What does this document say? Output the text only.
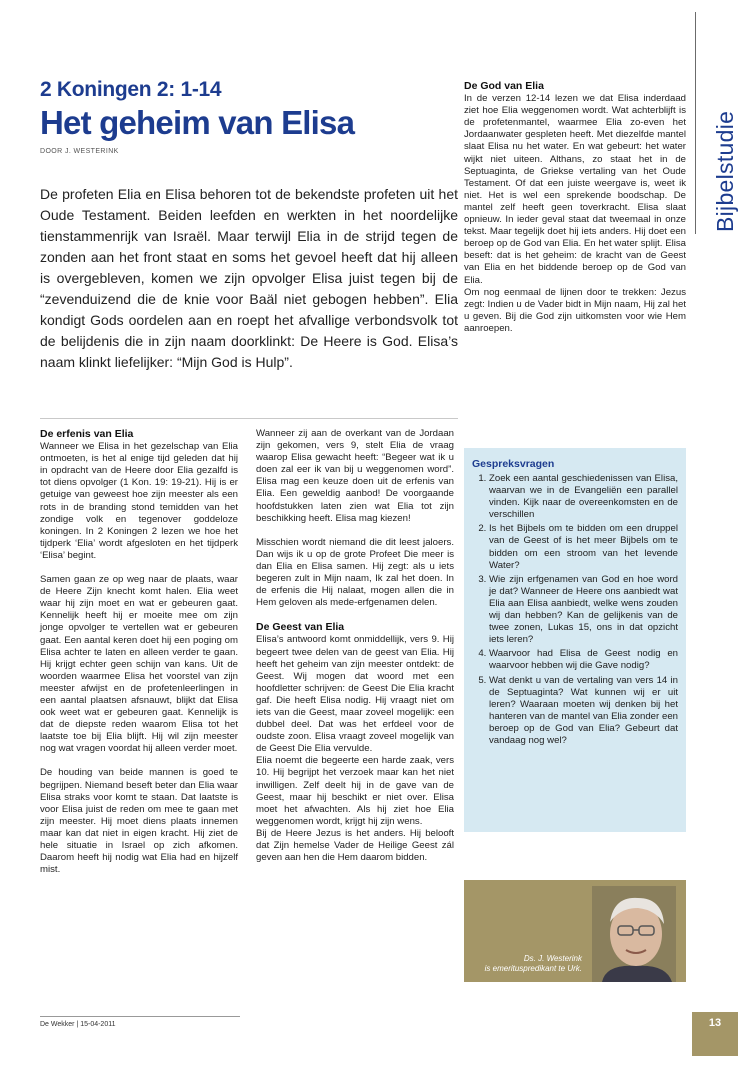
2 Koningen 2: 1-14
Het geheim van Elisa
DOOR J. WESTERINK
De profeten Elia en Elisa behoren tot de bekendste profeten uit het Oude Testament. Beiden leefden en werkten in het noordelijke tienstammenrijk van Israël. Maar terwijl Elia in de strijd tegen de zonden aan het front staat en soms het gevoel heeft dat hij alleen is overgebleven, komen we zijn opvolger Elisa juist tegen bij de “zevenduizend die de knie voor Baäl niet gebogen hebben”. Elia kondigt Gods oordelen aan en roept het afvallige verbondsvolk tot de belijdenis die in zijn naam doorklinkt: De Heere is God. Elisa’s naam klinkt liefelijker: “Mijn God is Hulp”.
De erfenis van Elia

Wanneer we Elisa in het gezelschap van Elia ontmoeten, is het al enige tijd geleden dat hij in opdracht van de Heere door Elia gezalfd is tot diens opvolger (1 Kon. 19: 19-21). Hij is er getuige van geweest hoe zijn meester als een rots in de branding stond temidden van het zondige volk en tegenover goddeloze koningen. In 2 Koningen 2 lezen we hoe het tijdperk ‘Elia’ wordt afgesloten en het tijdperk ‘Elisa’ begint.

Samen gaan ze op weg naar de plaats, waar de Heere Zijn knecht komt halen. Elia weet waar hij zijn moet en wat er gebeuren gaat. Kennelijk heeft hij er moeite mee om zijn jonge opvolger te vertellen wat er gebeuren gaat. Een aantal keren doet hij een poging om Elisa achter te laten en alleen verder te gaan. Hij krijgt echter geen schijn van kans. Uit de woorden waarmee Elisa het voorstel van zijn meester afwijst en de profetenleerlingen in een aantal plaatsen afsnauwt, blijkt dat Elisa ook weet wat er gebeuren gaat. Kennelijk is dat de diepste reden waarom Elisa tot het laatste toe bij Elia blijft. Hij wil zijn meester nog wat vragen voordat hij alleen verder moet.

De houding van beide mannen is goed te begrijpen. Niemand beseft beter dan Elia waar Elisa straks voor komt te staan. Dat laatste is voor Elisa juist de reden om mee te gaan met zijn meester. Hij moet diens plaats innemen maar kan dat niet in eigen kracht. Hij ziet de hele situatie in Israel op zich afkomen. Daarom heeft hij nodig wat Elia had en hijzelf mist.

Wanneer zij aan de overkant van de Jordaan zijn gekomen, vers 9, stelt Elia de vraag waarop Elisa gewacht heeft: “Begeer wat ik u doen zal eer ik van bij u weggenomen word”. Elisa mag een keuze doen uit de erfenis van Elia. Een geweldig aanbod! De voorgaande hoofdstukken laten zien wat Elia tot zijn beschikking heeft. Elisa mag kiezen!

Misschien wordt niemand die dit leest jaloers. Dan wijs ik u op de grote Profeet Die meer is dan Elia en Elisa samen. Hij zegt: als u iets begeren zult in Mijn naam, Ik zal het doen. In de erfenis die Hij nalaat, mogen allen die in Hem geloven als mede-erfgenamen delen.

De Geest van Elia

Elisa’s antwoord komt onmiddellijk, vers 9. Hij begeert twee delen van de geest van Elia. Hij heeft het geheim van zijn meester ontdekt: de Geest. Wij mogen dat woord met een hoofdletter schrijven: de Geest Die Elia kracht gaf. Die heeft Elisa nodig. Hij vraagt niet om iets van die Geest, maar zoveel mogelijk: een dubbel deel. Dat was het erfdeel voor de oudste zoon. Elisa vraagt zoveel mogelijk van de Geest Die Elia vervulde.

Elia noemt die begeerte een harde zaak, vers 10. Hij begrijpt het verzoek maar kan het niet inwilligen. Zelf deelt hij in de gave van de Geest, maar hij beschikt er niet over. Elisa moet het afwachten. Als hij ziet hoe Elia weggenomen wordt, krijgt hij zijn wens.

Bij de Heere Jezus is het anders. Hij belooft dat Zijn hemelse Vader de Heilige Geest zál geven aan hen die Hem daarom bidden.

De God van Elia

In de verzen 12-14 lezen we dat Elisa inderdaad ziet hoe Elia weggenomen wordt. Wat achterblijft is de profetenmantel, waarmee Elia zo-even het Jordaanwater gespleten heeft. Met diezelfde mantel slaat Elisa nu het water. En wat gebeurt: het water wijkt niet uiteen. Althans, zo staat het in de Septuaginta, de Griekse vertaling van het Oude Testament. Of dat een juiste weergave is, weet ik niet. Het is wel een sprekende boodschap. De mantel zelf heeft geen toverkracht. Elisa slaat opnieuw. In ieder geval staat dat tweemaal in onze tekst. Maar tegelijk doet hij iets anders. Hij doet een beroep op de God van Elia. En het water splijt. Elisa beseft: dat is het geheim: de kracht van de Geest van Elia en het biddende beroep op de God van Elia.

Om nog eenmaal de lijnen door te trekken: Jezus zegt: Indien u de Vader bidt in Mijn naam, Hij zal het u geven. Bij die God zijn uitkomsten voor wie Hem aanroepen.

Gespreksvragen
1. Zoek een aantal geschiedenissen van Elisa, waarvan we in de Evangeliën een parallel vinden. Kijk naar de overeenkomsten en de verschillen
2. Is het Bijbels om te bidden om een druppel van de Geest of is het meer Bijbels om te bidden om een stroom van het levende Water?
3. Wie zijn erfgenamen van God en hoe word je dat? Wanneer de Heere ons aanbiedt wat Elia aan Elisa aanbiedt, welke wens zouden wij dan hebben? Kan de gelijkenis van de twee zonen, Lukas 15, ons in dat opzicht iets leren?
4. Waarvoor had Elisa de Geest nodig en waarvoor hebben wij die Gave nodig?
5. Wat denkt u van de vertaling van vers 14 in de Septuaginta? Wat kunnen wij er uit leren? Waaraan moeten wij denken bij het hanteren van de mantel van Elia zonder een beroep op de God van Elia? Gebeurt dat vandaag nog wel?
Ds. J. Westerink
is emerituspredikant te Urk.
Bijbelstudie
De Wekker | 15-04-2011	13
